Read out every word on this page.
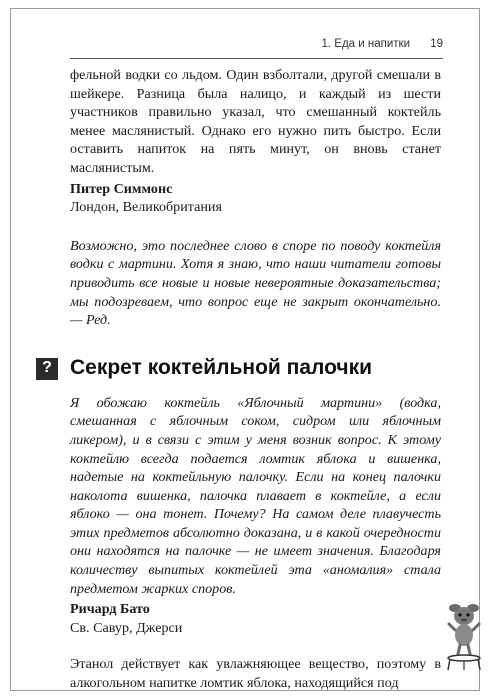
1. Еда и напитки 19

фельной водки со льдом. Один взболтали, другой смешали в шейкере. Разница была налицо, и каждый из шести участников правильно указал, что смешанный коктейль менее маслянистый. Однако его нужно пить быстро. Если оставить напиток на пять минут, он вновь станет маслянистым.

Питер Симмонс
Лондон, Великобритания

Возможно, это последнее слово в споре по поводу коктейля водки с мартини. Хотя я знаю, что наши читатели готовы приводить все новые и новые невероятные доказательства; мы подозреваем, что вопрос еще не закрыт окончательно. — Ред.

? Секрет коктейльной палочки

Я обожаю коктейль «Яблочный мартини» (водка, смешанная с яблочным соком, сидром или яблочным ликером), и в связи с этим у меня возник вопрос. К этому коктейлю всегда подается ломтик яблока и вишенка, надетые на коктейльную палочку. Если на конец палочки наколота вишенка, палочка плавает в коктейле, а если яблоко — она тонет. Почему? На самом деле плавучесть этих предметов абсолютно доказана, и в какой очередности они находятся на палочке — не имеет значения. Благодаря количеству выпитых коктейлей эта «аномалия» стала предметом жарких споров.

Ричард Бато
Св. Савур, Джерси

Этанол действует как увлажняющее вещество, поэтому в алкогольном напитке ломтик яблока, находящийся под
